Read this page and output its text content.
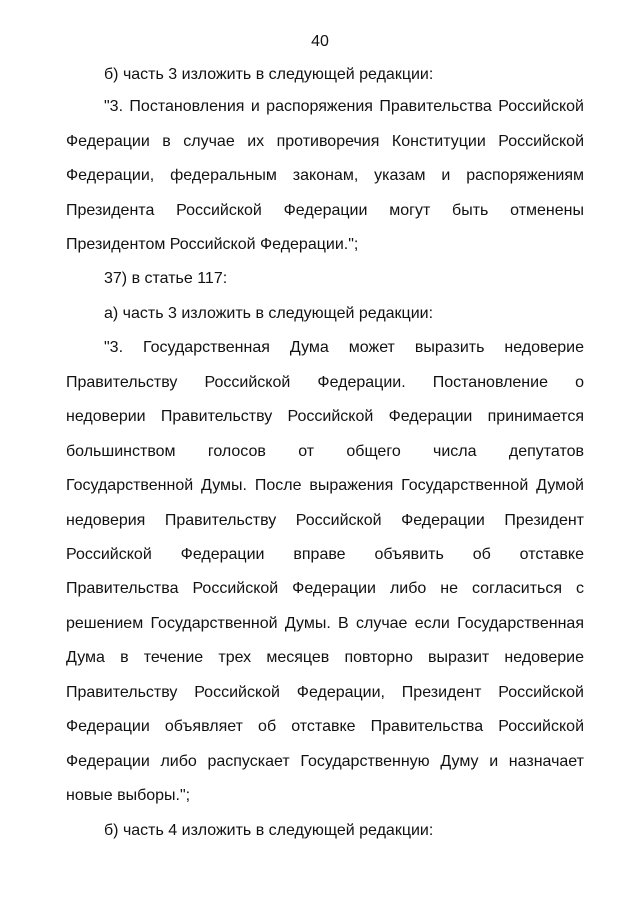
40
б) часть 3 изложить в следующей редакции:
"3. Постановления и распоряжения Правительства Российской
Федерации в случае их противоречия Конституции Российской
Федерации, федеральным законам, указам и распоряжениям
Президента Российской Федерации могут быть отменены
Президентом Российской Федерации.";
37) в статье 117:
а) часть 3 изложить в следующей редакции:
"3. Государственная Дума может выразить недоверие
Правительству Российской Федерации. Постановление о
недоверии Правительству Российской Федерации принимается
большинством голосов от общего числа депутатов
Государственной Думы. После выражения Государственной Думой
недоверия Правительству Российской Федерации Президент
Российской Федерации вправе объявить об отставке
Правительства Российской Федерации либо не согласиться с
решением Государственной Думы. В случае если Государственная
Дума в течение трех месяцев повторно выразит недоверие
Правительству Российской Федерации, Президент Российской
Федерации объявляет об отставке Правительства Российской
Федерации либо распускает Государственную Думу и назначает
новые выборы.";
б) часть 4 изложить в следующей редакции:
